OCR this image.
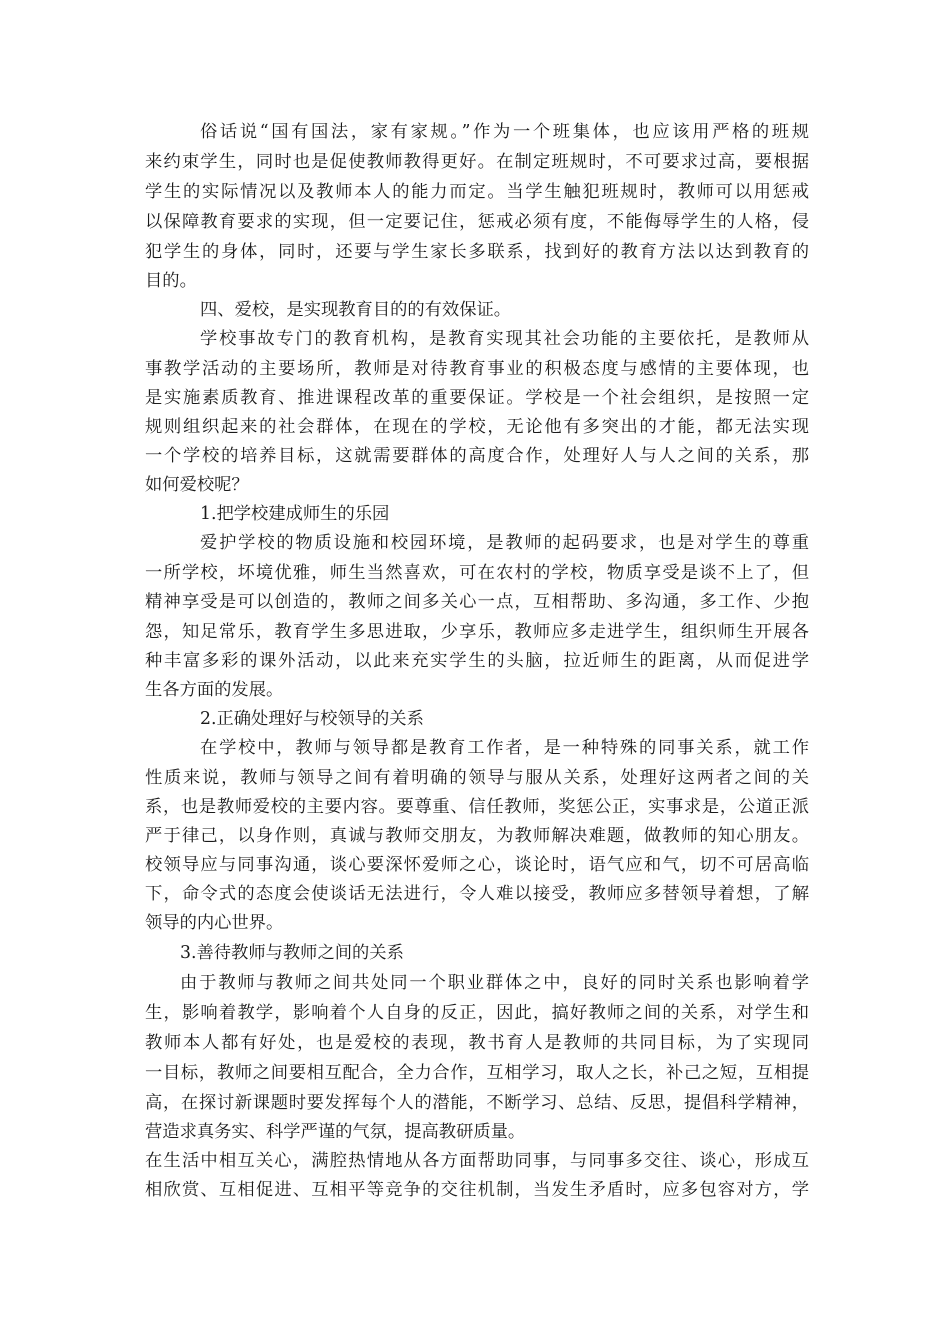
俗话说“国有国法，家有家规。”作为一个班集体，也应该用严格的班规
来约束学生，同时也是促使教师教得更好。在制定班规时，不可要求过高，要根据
学生的实际情况以及教师本人的能力而定。当学生触犯班规时，教师可以用惩戒
以保障教育要求的实现，但一定要记住，惩戒必须有度，不能侮辱学生的人格，侵
犯学生的身体，同时，还要与学生家长多联系，找到好的教育方法以达到教育的
目的。
四、爱校，是实现教育目的的有效保证。
学校事故专门的教育机构，是教育实现其社会功能的主要依托，是教师从
事教学活动的主要场所，教师是对待教育事业的积极态度与感情的主要体现，也
是实施素质教育、推进课程改革的重要保证。学校是一个社会组织，是按照一定
规则组织起来的社会群体，在现在的学校，无论他有多突出的才能，都无法实现
一个学校的培养目标，这就需要群体的高度合作，处理好人与人之间的关系，那
如何爱校呢？
1.把学校建成师生的乐园
爱护学校的物质设施和校园环境，是教师的起码要求，也是对学生的尊重
一所学校，坏境优雅，师生当然喜欢，可在农村的学校，物质享受是谈不上了，但
精神享受是可以创造的，教师之间多关心一点，互相帮助、多沟通，多工作、少抱
怨，知足常乐，教育学生多思进取，少享乐，教师应多走进学生，组织师生开展各
种丰富多彩的课外活动，以此来充实学生的头脑，拉近师生的距离，从而促进学
生各方面的发展。
2.正确处理好与校领导的关系
在学校中，教师与领导都是教育工作者，是一种特殊的同事关系，就工作
性质来说，教师与领导之间有着明确的领导与服从关系，处理好这两者之间的关
系，也是教师爱校的主要内容。要尊重、信任教师，奖惩公正，实事求是，公道正派
严于律己，以身作则，真诚与教师交朋友，为教师解决难题，做教师的知心朋友。
校领导应与同事沟通，谈心要深怀爱师之心，谈论时，语气应和气，切不可居高临
下，命令式的态度会使谈话无法进行，令人难以接受，教师应多替领导着想，了解
领导的内心世界。
3.善待教师与教师之间的关系
由于教师与教师之间共处同一个职业群体之中，良好的同时关系也影响着学
生，影响着教学，影响着个人自身的反正，因此，搞好教师之间的关系，对学生和
教师本人都有好处，也是爱校的表现，教书育人是教师的共同目标，为了实现同
一目标，教师之间要相互配合，全力合作，互相学习，取人之长，补己之短，互相提
高，在探讨新课题时要发挥每个人的潜能，不断学习、总结、反思，提倡科学精神，
营造求真务实、科学严谨的气氛，提高教研质量。
在生活中相互关心，满腔热情地从各方面帮助同事，与同事多交往、谈心，形成互
相欣赏、互相促进、互相平等竞争的交往机制，当发生矛盾时，应多包容对方，学
